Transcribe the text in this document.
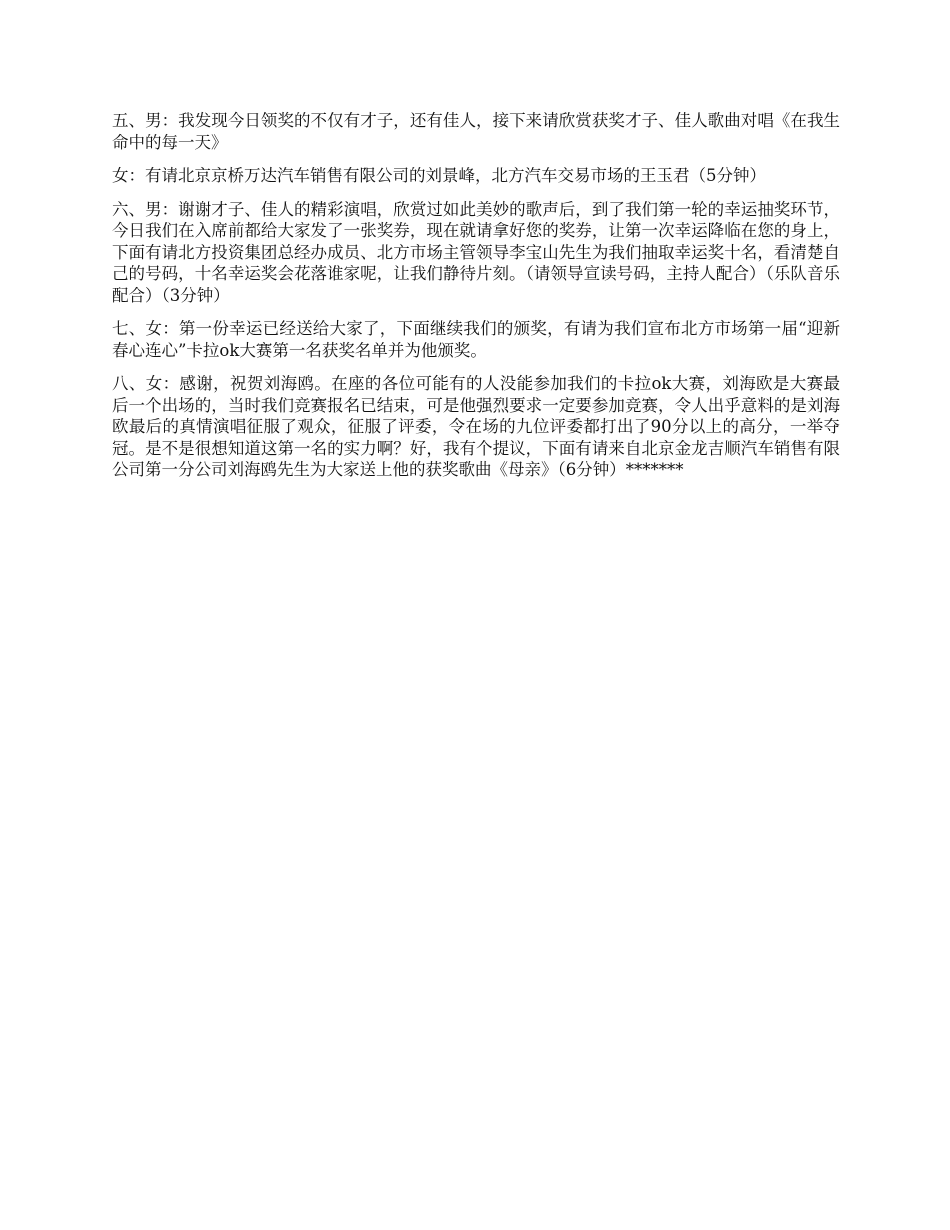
五、男：我发现今日领奖的不仅有才子，还有佳人，接下来请欣赏获奖才子、佳人歌曲对唱《在我生命中的每一天》

女：有请北京京桥万达汽车销售有限公司的刘景峰，北方汽车交易市场的王玉君（5分钟）

六、男：谢谢才子、佳人的精彩演唱，欣赏过如此美妙的歌声后，到了我们第一轮的幸运抽奖环节，今日我们在入席前都给大家发了一张奖券，现在就请拿好您的奖券，让第一次幸运降临在您的身上，下面有请北方投资集团总经办成员、北方市场主管领导李宝山先生为我们抽取幸运奖十名，看清楚自己的号码，十名幸运奖会花落谁家呢，让我们静待片刻。（请领导宣读号码，主持人配合）（乐队音乐配合）（3分钟）

七、女：第一份幸运已经送给大家了，下面继续我们的颁奖，有请为我们宣布北方市场第一届“迎新春心连心”卡拉ok大赛第一名获奖名单并为他颁奖。

八、女：感谢，祝贺刘海鸥。在座的各位可能有的人没能参加我们的卡拉ok大赛，刘海欧是大赛最后一个出场的，当时我们竞赛报名已结束，可是他强烈要求一定要参加竞赛，令人出乎意料的是刘海欧最后的真情演唱征服了观众，征服了评委，令在场的九位评委都打出了90分以上的高分，一举夺冠。是不是很想知道这第一名的实力啊？好，我有个提议，下面有请来自北京金龙吉顺汽车销售有限公司第一分公司刘海鸥先生为大家送上他的获奖歌曲《母亲》（6分钟）*******
